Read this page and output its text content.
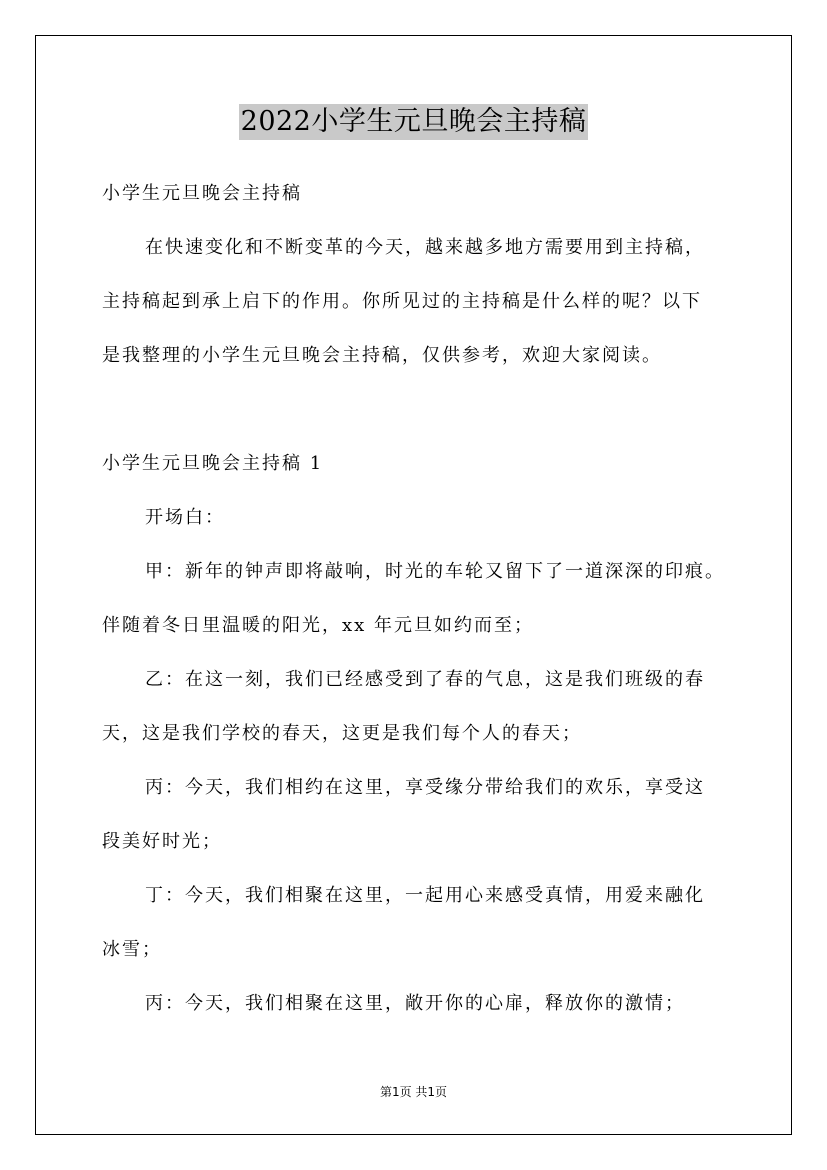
2022小学生元旦晚会主持稿
小学生元旦晚会主持稿
在快速变化和不断变革的今天，越来越多地方需要用到主持稿，
主持稿起到承上启下的作用。你所见过的主持稿是什么样的呢？以下
是我整理的小学生元旦晚会主持稿，仅供参考，欢迎大家阅读。
小学生元旦晚会主持稿 1
开场白：
甲：新年的钟声即将敲响，时光的车轮又留下了一道深深的印痕。
伴随着冬日里温暖的阳光，xx 年元旦如约而至；
乙：在这一刻，我们已经感受到了春的气息，这是我们班级的春
天，这是我们学校的春天，这更是我们每个人的春天；
丙：今天，我们相约在这里，享受缘分带给我们的欢乐，享受这
段美好时光；
丁：今天，我们相聚在这里，一起用心来感受真情，用爱来融化
冰雪；
丙：今天，我们相聚在这里，敞开你的心扉，释放你的激情；
第1页 共1页
